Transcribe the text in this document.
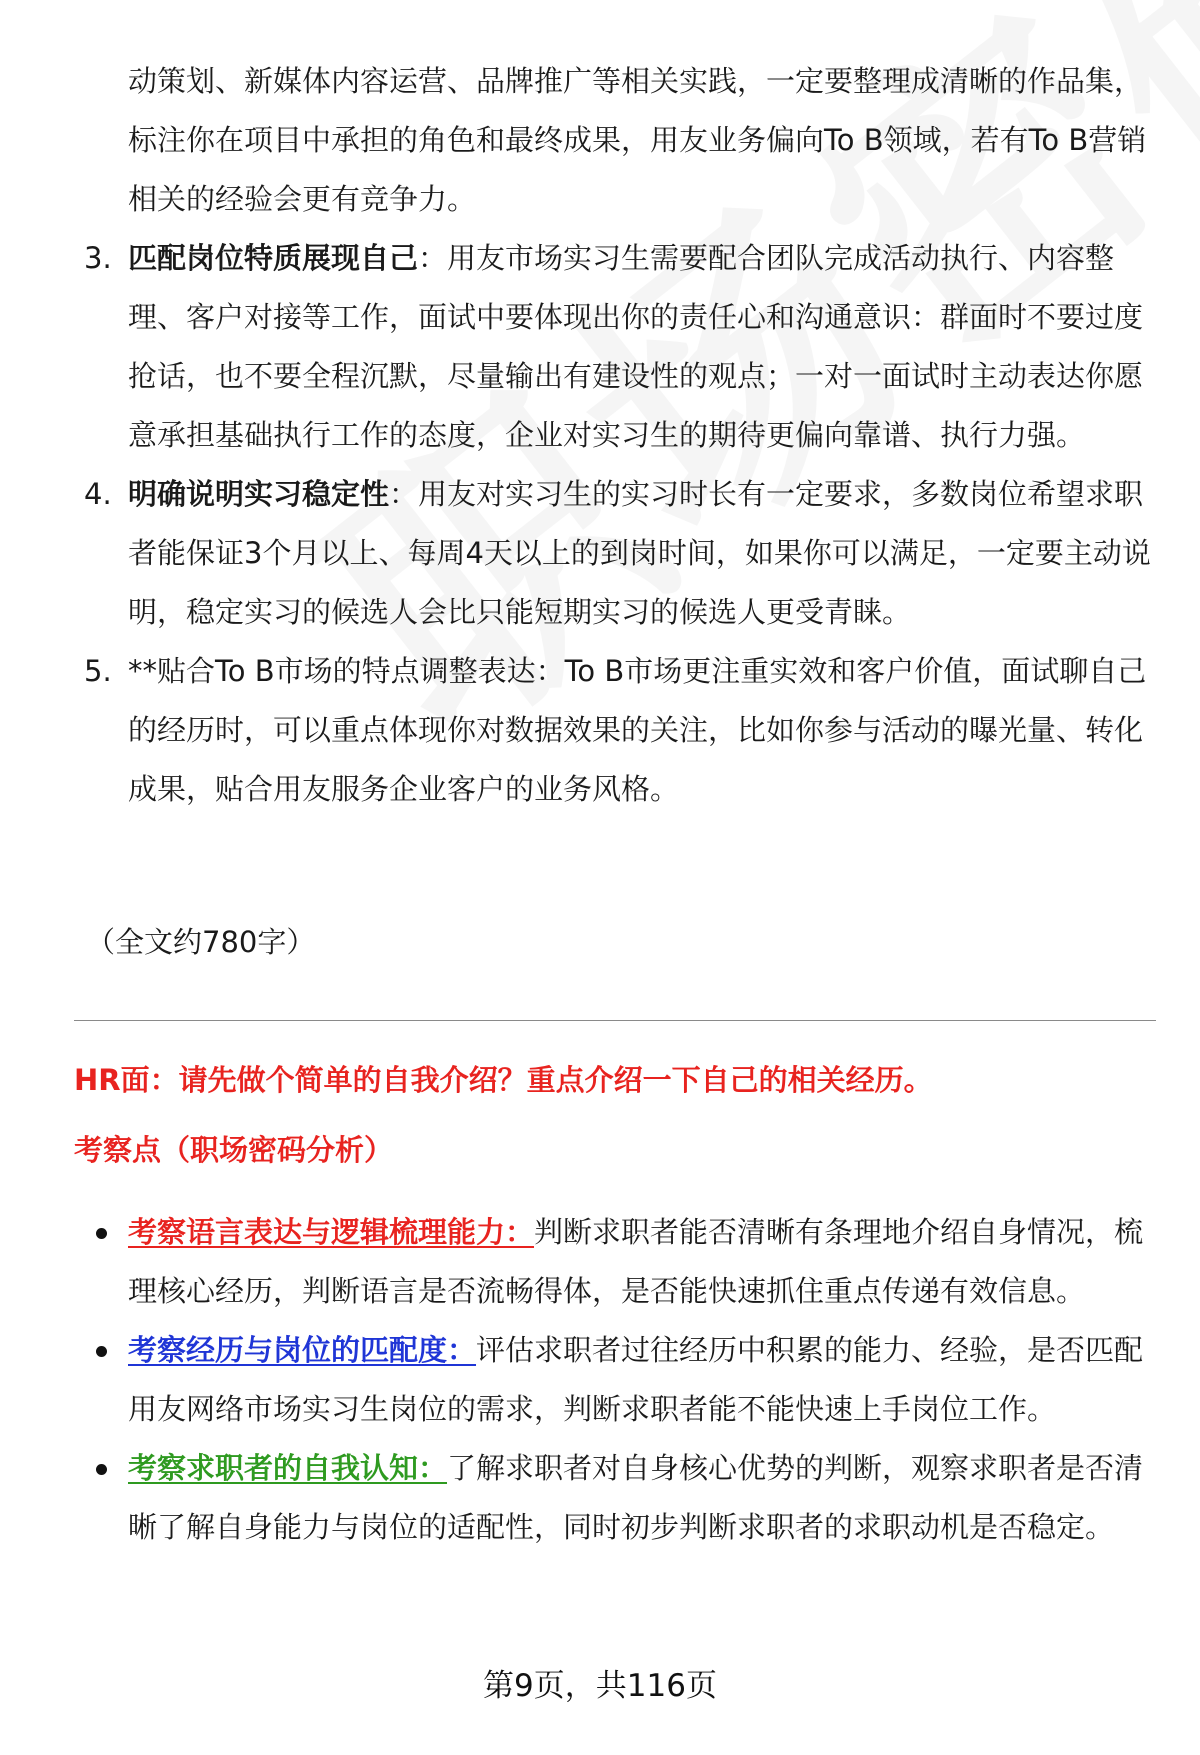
动策划、新媒体内容运营、品牌推广等相关实践，一定要整理成清晰的作品集，标注你在项目中承担的角色和最终成果，用友业务偏向To B领域，若有To B营销相关的经验会更有竞争力。
3. 匹配岗位特质展现自己：用友市场实习生需要配合团队完成活动执行、内容整理、客户对接等工作，面试中要体现出你的责任心和沟通意识：群面时不要过度抢话，也不要全程沉默，尽量输出有建设性的观点；一对一面试时主动表达你愿意承担基础执行工作的态度，企业对实习生的期待更偏向靠谱、执行力强。
4. 明确说明实习稳定性：用友对实习生的实习时长有一定要求，多数岗位希望求职者能保证3个月以上、每周4天以上的到岗时间，如果你可以满足，一定要主动说明，稳定实习的候选人会比只能短期实习的候选人更受青睐。
5. **贴合To B市场的特点调整表达：To B市场更注重实效和客户价值，面试聊自己的经历时，可以重点体现你对数据效果的关注，比如你参与活动的曝光量、转化成果，贴合用友服务企业客户的业务风格。
（全文约780字）
HR面：请先做个简单的自我介绍？重点介绍一下自己的相关经历。
考察点（职场密码分析）
考察语言表达与逻辑梳理能力：判断求职者能否清晰有条理地介绍自身情况，梳理核心经历，判断语言是否流畅得体，是否能快速抓住重点传递有效信息。
考察经历与岗位的匹配度：评估求职者过往经历中积累的能力、经验，是否匹配用友网络市场实习生岗位的需求，判断求职者能不能快速上手岗位工作。
考察求职者的自我认知：了解求职者对自身核心优势的判断，观察求职者是否清晰了解自身能力与岗位的适配性，同时初步判断求职者的求职动机是否稳定。
第9页，共116页
